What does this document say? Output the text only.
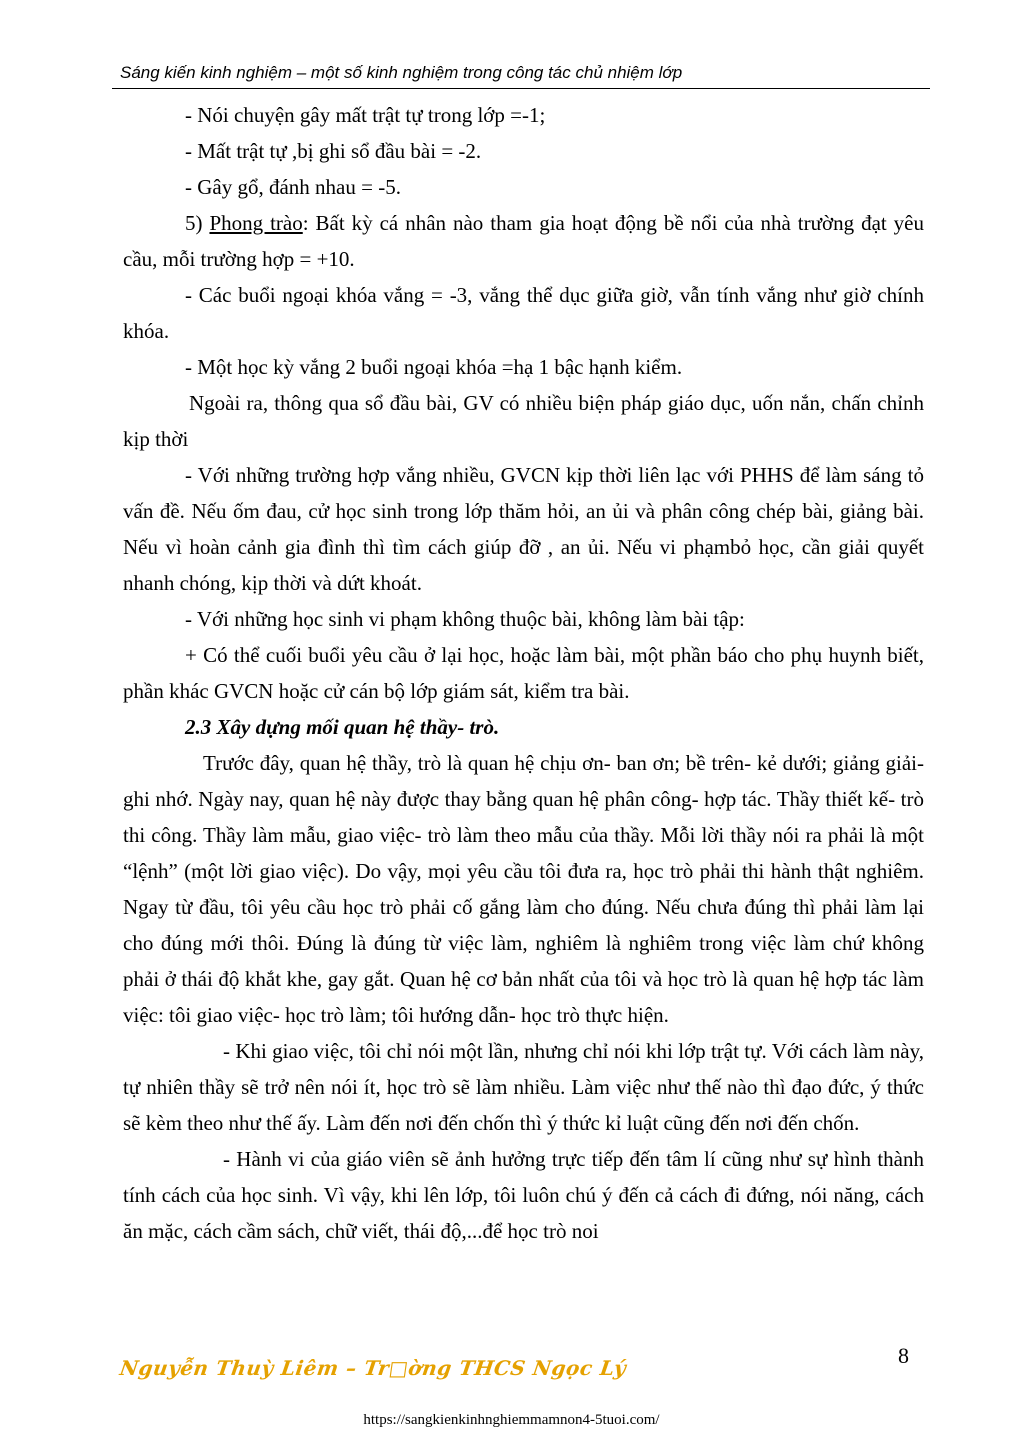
Sáng kiến kinh nghiệm – một số kinh nghiệm trong công tác chủ nhiệm lớp

- Nói chuyện gây mất trật tự trong lớp =-1;

- Mất trật tự ,bị ghi sổ đầu bài = -2.

- Gây gổ, đánh nhau = -5.

5) Phong trào: Bất kỳ cá nhân nào tham gia hoạt động bề nổi của nhà trường đạt yêu cầu, mỗi trường hợp = +10.

- Các buổi ngoại khóa vắng = -3, vắng thể dục giữa giờ, vẫn tính vắng như giờ chính khóa.

- Một học kỳ vắng 2 buổi ngoại khóa =hạ 1 bậc hạnh kiểm.

Ngoài ra, thông qua sổ đầu bài, GV có nhiều biện pháp giáo dục, uốn nắn, chấn chỉnh kịp thời

- Với những trường hợp vắng nhiều, GVCN kịp thời liên lạc với PHHS để làm sáng tỏ vấn đề. Nếu ốm đau, cử học sinh trong lớp thăm hỏi, an ủi và phân công chép bài, giảng bài. Nếu vì hoàn cảnh gia đình thì tìm cách giúp đỡ , an ủi. Nếu vi phạmbỏ học, cần giải quyết nhanh chóng, kịp thời và dứt khoát.

- Với những học sinh vi phạm không thuộc bài, không làm bài tập:

+ Có thể cuối buổi yêu cầu ở lại học, hoặc làm bài, một phần báo cho phụ huynh biết, phần khác GVCN hoặc cử cán bộ lớp giám sát, kiểm tra bài.

2.3 Xây dựng mối quan hệ thầy- trò.

Trước đây, quan hệ thầy, trò là quan hệ chịu ơn- ban ơn; bề trên- kẻ dưới; giảng giải- ghi nhớ. Ngày nay, quan hệ này được thay bằng quan hệ phân công- hợp tác. Thầy thiết kế- trò thi công. Thầy làm mẫu, giao việc- trò làm theo mẫu của thầy. Mỗi lời thầy nói ra phải là một “lệnh” (một lời giao việc). Do vậy, mọi yêu cầu tôi đưa ra, học trò phải thi hành thật nghiêm. Ngay từ đầu, tôi yêu cầu học trò phải cố gắng làm cho đúng. Nếu chưa đúng thì phải làm lại cho đúng mới thôi. Đúng là đúng từ việc làm, nghiêm là nghiêm trong việc làm chứ không phải ở thái độ khắt khe, gay gắt. Quan hệ cơ bản nhất của tôi và học trò là quan hệ hợp tác làm việc: tôi giao việc- học trò làm; tôi hướng dẫn- học trò thực hiện.

- Khi giao việc, tôi chỉ nói một lần, nhưng chỉ nói khi lớp trật tự. Với cách làm này, tự nhiên thầy sẽ trở nên nói ít, học trò sẽ làm nhiều. Làm việc như thế nào thì đạo đức, ý thức sẽ kèm theo như thế ấy. Làm đến nơi đến chốn thì ý thức kỉ luật cũng đến nơi đến chốn.

- Hành vi của giáo viên sẽ ảnh hưởng trực tiếp đến tâm lí cũng như sự hình thành tính cách của học sinh. Vì vậy, khi lên lớp, tôi luôn chú ý đến cả cách đi đứng, nói năng, cách ăn mặc, cách cầm sách, chữ viết, thái độ,...để học trò noi

8
Nguyễn Thuỳ Liêm – Tr□ờng THCS Ngọc Lý
https://sangkienkinhnghiemmamnon4-5tuoi.com/
